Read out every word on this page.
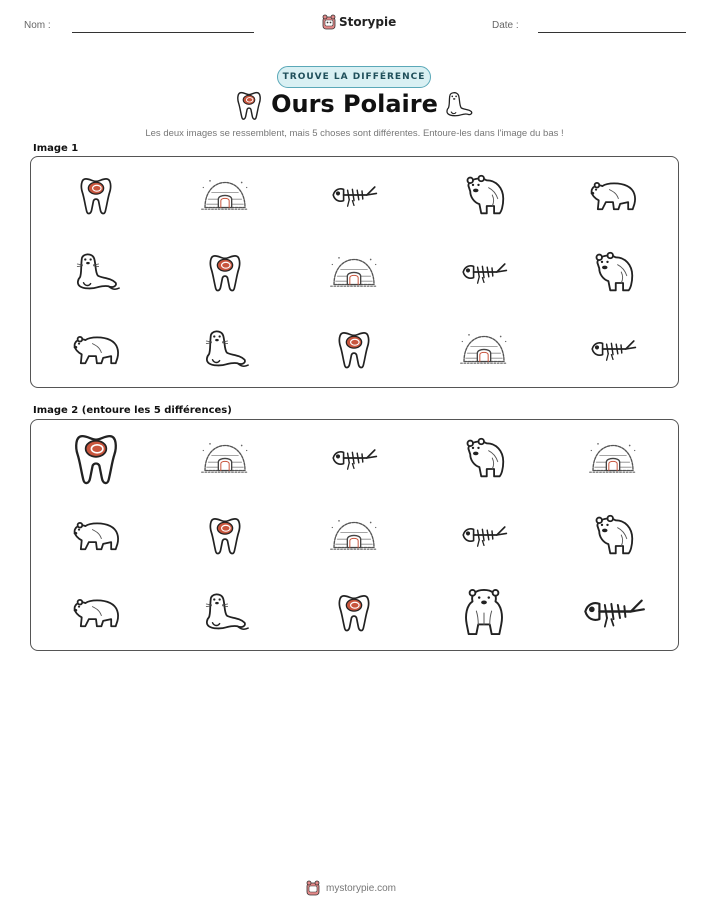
Nom :	Storypie	Date :
TROUVE LA DIFFÉRENCE
Ours Polaire
Les deux images se ressemblent, mais 5 choses sont différentes. Entoure-les dans l'image du bas !
Image 1
Image 2 (entoure les 5 différences)
mystorypie.com
